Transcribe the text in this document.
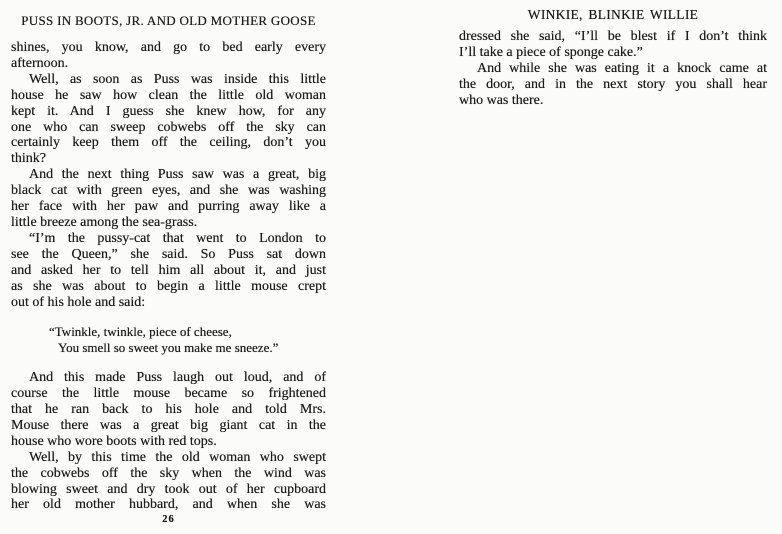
PUSS IN BOOTS, JR. AND OLD MOTHER GOOSE
shines, you know, and go to bed early every
afternoon.
Well, as soon as Puss was inside this little
house he saw how clean the little old woman
kept it. And I guess she knew how, for any
one who can sweep cobwebs off the sky can
certainly keep them off the ceiling, don’t you
think?
And the next thing Puss saw was a great, big
black cat with green eyes, and she was washing
her face with her paw and purring away like a
little breeze among the sea-grass.
“I’m the pussy-cat that went to London to
see the Queen,” she said. So Puss sat down
and asked her to tell him all about it, and just
as she was about to begin a little mouse crept
out of his hole and said:
“Twinkle, twinkle, piece of cheese,
You smell so sweet you make me sneeze.”
And this made Puss laugh out loud, and of
course the little mouse became so frightened
that he ran back to his hole and told Mrs.
Mouse there was a great big giant cat in the
house who wore boots with red tops.
Well, by this time the old woman who swept
the cobwebs off the sky when the wind was
blowing sweet and dry took out of her cupboard
her old mother hubbard, and when she was
26
WINKIE, BLINKIE WILLIE
dressed she said, “I’ll be blest if I don’t think
I’ll take a piece of sponge cake.”
And while she was eating it a knock came at
the door, and in the next story you shall hear
who was there.
